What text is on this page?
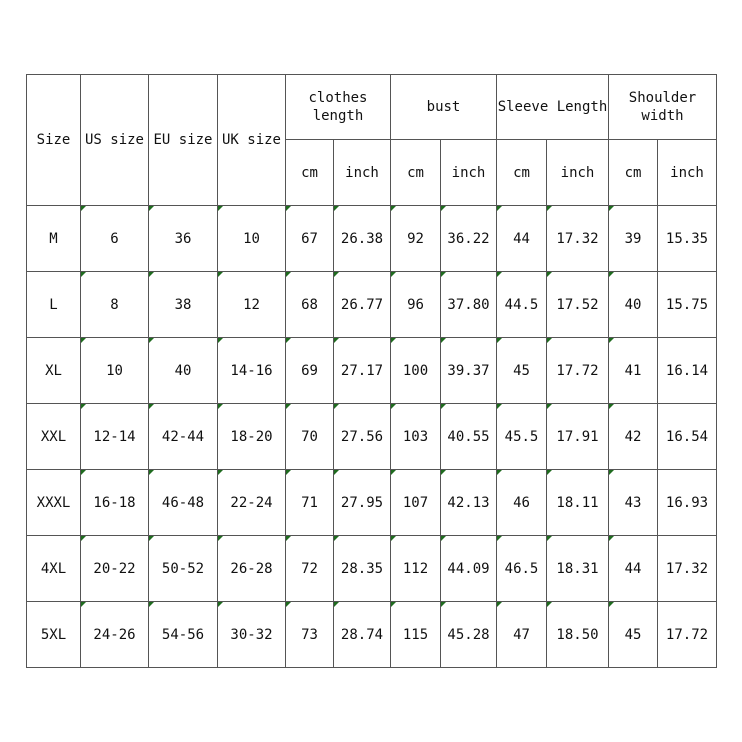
Size	US size	EU size	UK size	clothes length		bust		Sleeve Length		Shoulder width	
				cm	inch	cm	inch	cm	inch	cm	inch
M	6	36	10	67	26.38	92	36.22	44	17.32	39	15.35
L	8	38	12	68	26.77	96	37.80	44.5	17.52	40	15.75
XL	10	40	14-16	69	27.17	100	39.37	45	17.72	41	16.14
XXL	12-14	42-44	18-20	70	27.56	103	40.55	45.5	17.91	42	16.54
XXXL	16-18	46-48	22-24	71	27.95	107	42.13	46	18.11	43	16.93
4XL	20-22	50-52	26-28	72	28.35	112	44.09	46.5	18.31	44	17.32
5XL	24-26	54-56	30-32	73	28.74	115	45.28	47	18.50	45	17.72
